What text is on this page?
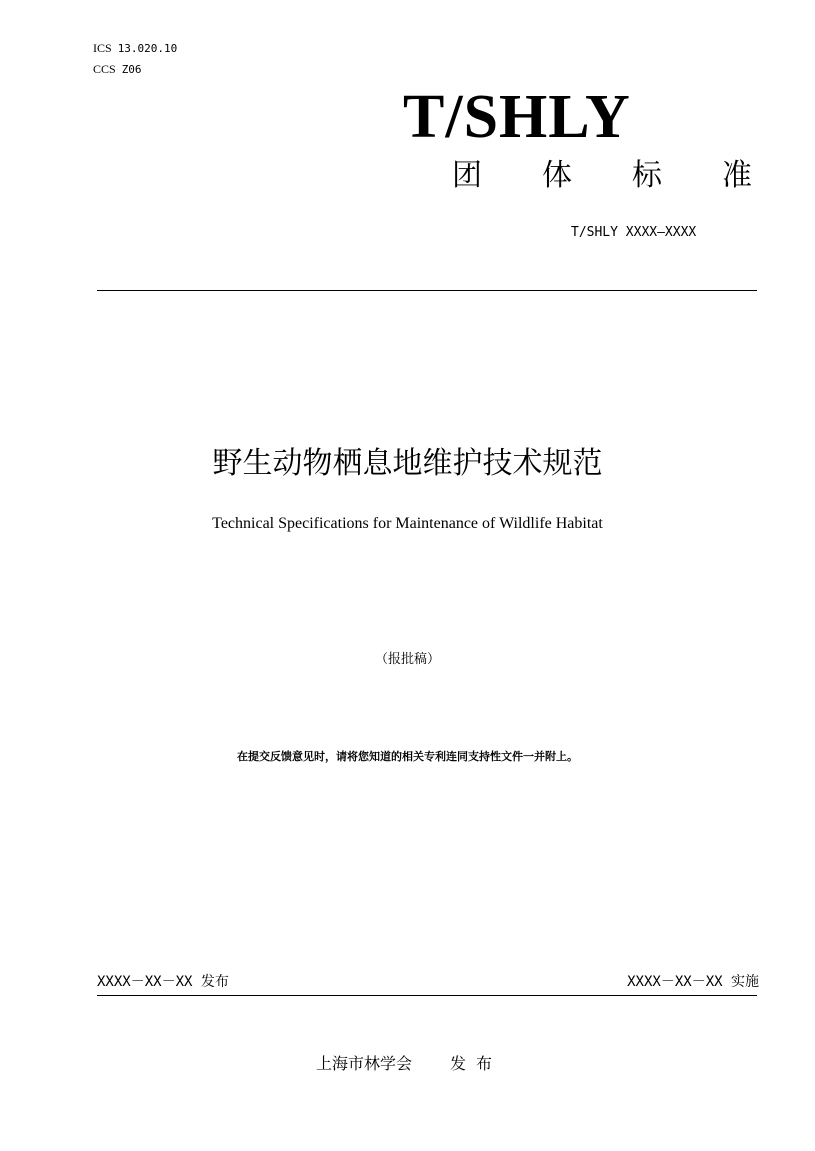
ICS 13.020.10
CCS Z06
T/SHLY
团 体 标 准
T/SHLY XXXX—XXXX
野生动物栖息地维护技术规范
Technical Specifications for Maintenance of Wildlife Habitat
（报批稿）
在提交反馈意见时，请将您知道的相关专利连同支持性文件一并附上。
XXXX－XX－XX 发布	XXXX－XX－XX 实施
上海市林学会 发布
